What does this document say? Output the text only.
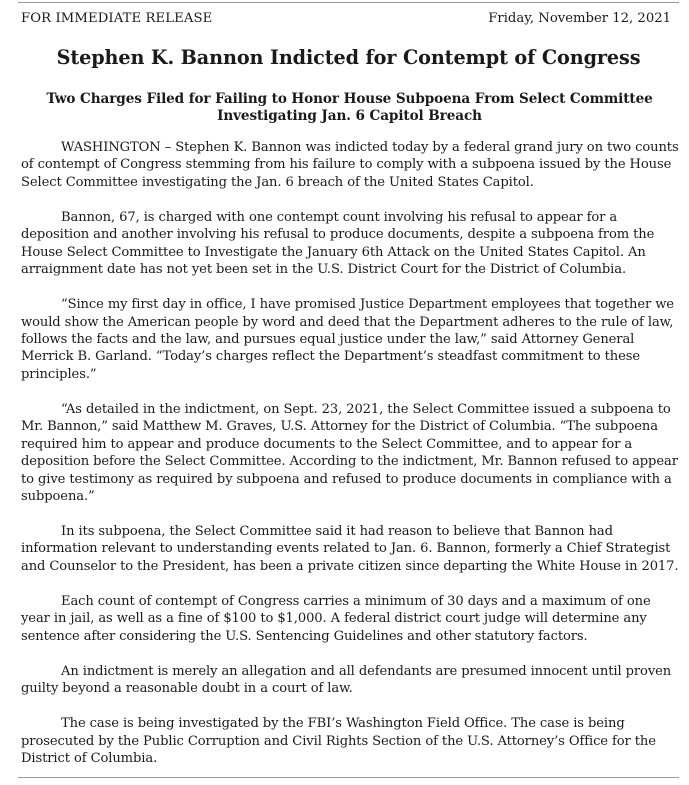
FOR IMMEDIATE RELEASE	Friday, November 12, 2021
Stephen K. Bannon Indicted for Contempt of Congress
Two Charges Filed for Failing to Honor House Subpoena From Select Committee Investigating Jan. 6 Capitol Breach

WASHINGTON – Stephen K. Bannon was indicted today by a federal grand jury on two counts of contempt of Congress stemming from his failure to comply with a subpoena issued by the House Select Committee investigating the Jan. 6 breach of the United States Capitol.

Bannon, 67, is charged with one contempt count involving his refusal to appear for a deposition and another involving his refusal to produce documents, despite a subpoena from the House Select Committee to Investigate the January 6th Attack on the United States Capitol. An arraignment date has not yet been set in the U.S. District Court for the District of Columbia.

“Since my first day in office, I have promised Justice Department employees that together we would show the American people by word and deed that the Department adheres to the rule of law, follows the facts and the law, and pursues equal justice under the law,” said Attorney General Merrick B. Garland. “Today’s charges reflect the Department’s steadfast commitment to these principles.”

“As detailed in the indictment, on Sept. 23, 2021, the Select Committee issued a subpoena to Mr. Bannon,” said Matthew M. Graves, U.S. Attorney for the District of Columbia. “The subpoena required him to appear and produce documents to the Select Committee, and to appear for a deposition before the Select Committee. According to the indictment, Mr. Bannon refused to appear to give testimony as required by subpoena and refused to produce documents in compliance with a subpoena.”

In its subpoena, the Select Committee said it had reason to believe that Bannon had information relevant to understanding events related to Jan. 6. Bannon, formerly a Chief Strategist and Counselor to the President, has been a private citizen since departing the White House in 2017.

Each count of contempt of Congress carries a minimum of 30 days and a maximum of one year in jail, as well as a fine of $100 to $1,000. A federal district court judge will determine any sentence after considering the U.S. Sentencing Guidelines and other statutory factors.

An indictment is merely an allegation and all defendants are presumed innocent until proven guilty beyond a reasonable doubt in a court of law.

The case is being investigated by the FBI’s Washington Field Office. The case is being prosecuted by the Public Corruption and Civil Rights Section of the U.S. Attorney’s Office for the District of Columbia.
